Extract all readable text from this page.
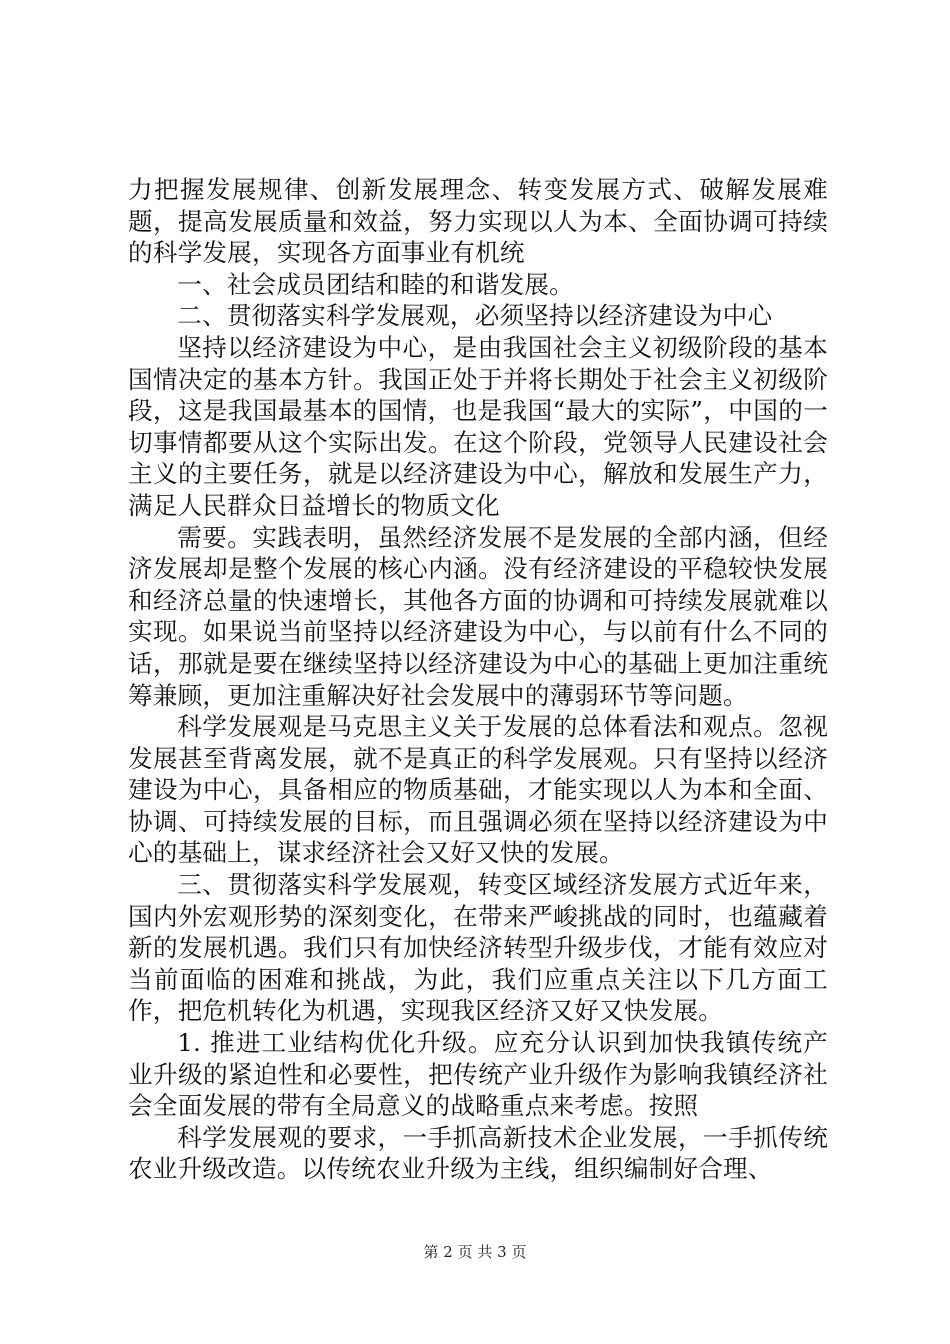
力把握发展规律、创新发展理念、转变发展方式、破解发展难题，提高发展质量和效益，努力实现以人为本、全面协调可持续的科学发展，实现各方面事业有机统

一、社会成员团结和睦的和谐发展。

二、贯彻落实科学发展观，必须坚持以经济建设为中心

坚持以经济建设为中心，是由我国社会主义初级阶段的基本国情决定的基本方针。我国正处于并将长期处于社会主义初级阶段，这是我国最基本的国情，也是我国“最大的实际”，中国的一切事情都要从这个实际出发。在这个阶段，党领导人民建设社会主义的主要任务，就是以经济建设为中心，解放和发展生产力，满足人民群众日益增长的物质文化

需要。实践表明，虽然经济发展不是发展的全部内涵，但经济发展却是整个发展的核心内涵。没有经济建设的平稳较快发展和经济总量的快速增长，其他各方面的协调和可持续发展就难以实现。如果说当前坚持以经济建设为中心，与以前有什么不同的话，那就是要在继续坚持以经济建设为中心的基础上更加注重统筹兼顾，更加注重解决好社会发展中的薄弱环节等问题。

科学发展观是马克思主义关于发展的总体看法和观点。忽视发展甚至背离发展，就不是真正的科学发展观。只有坚持以经济建设为中心，具备相应的物质基础，才能实现以人为本和全面、协调、可持续发展的目标，而且强调必须在坚持以经济建设为中心的基础上，谋求经济社会又好又快的发展。

三、贯彻落实科学发展观，转变区域经济发展方式近年来，国内外宏观形势的深刻变化，在带来严峻挑战的同时，也蕴藏着新的发展机遇。我们只有加快经济转型升级步伐，才能有效应对当前面临的困难和挑战，为此，我们应重点关注以下几方面工作，把危机转化为机遇，实现我区经济又好又快发展。

1. 推进工业结构优化升级。应充分认识到加快我镇传统产业升级的紧迫性和必要性，把传统产业升级作为影响我镇经济社会全面发展的带有全局意义的战略重点来考虑。按照

科学发展观的要求，一手抓高新技术企业发展，一手抓传统农业升级改造。以传统农业升级为主线，组织编制好合理、

第 2 页 共 3 页
